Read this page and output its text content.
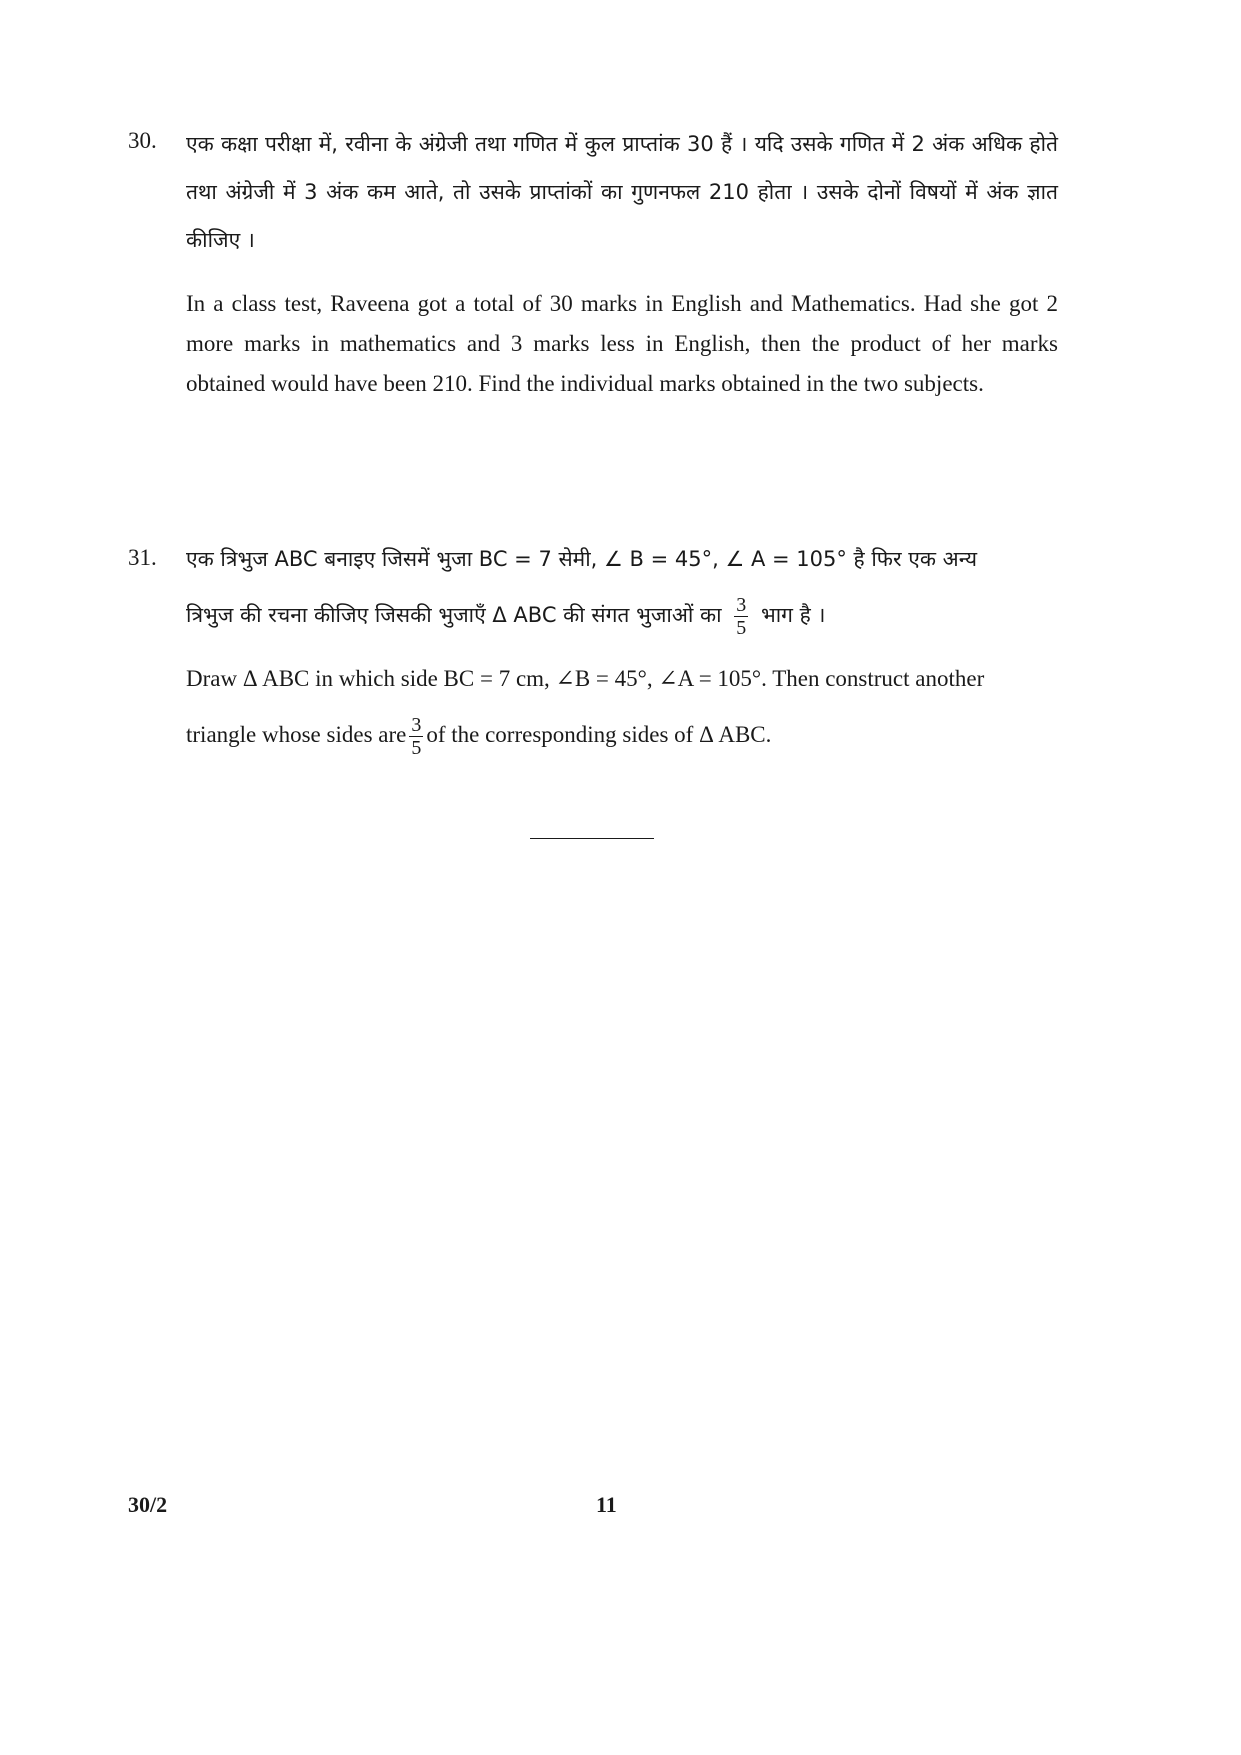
30. एक कक्षा परीक्षा में, रवीना के अंग्रेजी तथा गणित में कुल प्राप्तांक 30 हैं । यदि उसके गणित में 2 अंक अधिक होते तथा अंग्रेजी में 3 अंक कम आते, तो उसके प्राप्तांकों का गुणनफल 210 होता । उसके दोनों विषयों में अंक ज्ञात कीजिए ।

In a class test, Raveena got a total of 30 marks in English and Mathematics. Had she got 2 more marks in mathematics and 3 marks less in English, then the product of her marks obtained would have been 210. Find the individual marks obtained in the two subjects.

31. एक त्रिभुज ABC बनाइए जिसमें भुजा BC = 7 सेमी, ∠ B = 45°, ∠ A = 105° है फिर एक अन्य

त्रिभुज की रचना कीजिए जिसकी भुजाएँ Δ ABC की संगत भुजाओं का $\frac{3}{5}$ भाग है ।

Draw Δ ABC in which side BC = 7 cm, ∠B = 45°, ∠A = 105°. Then construct another

triangle whose sides are $\frac{3}{5}$ of the corresponding sides of Δ ABC.

30/2	11
